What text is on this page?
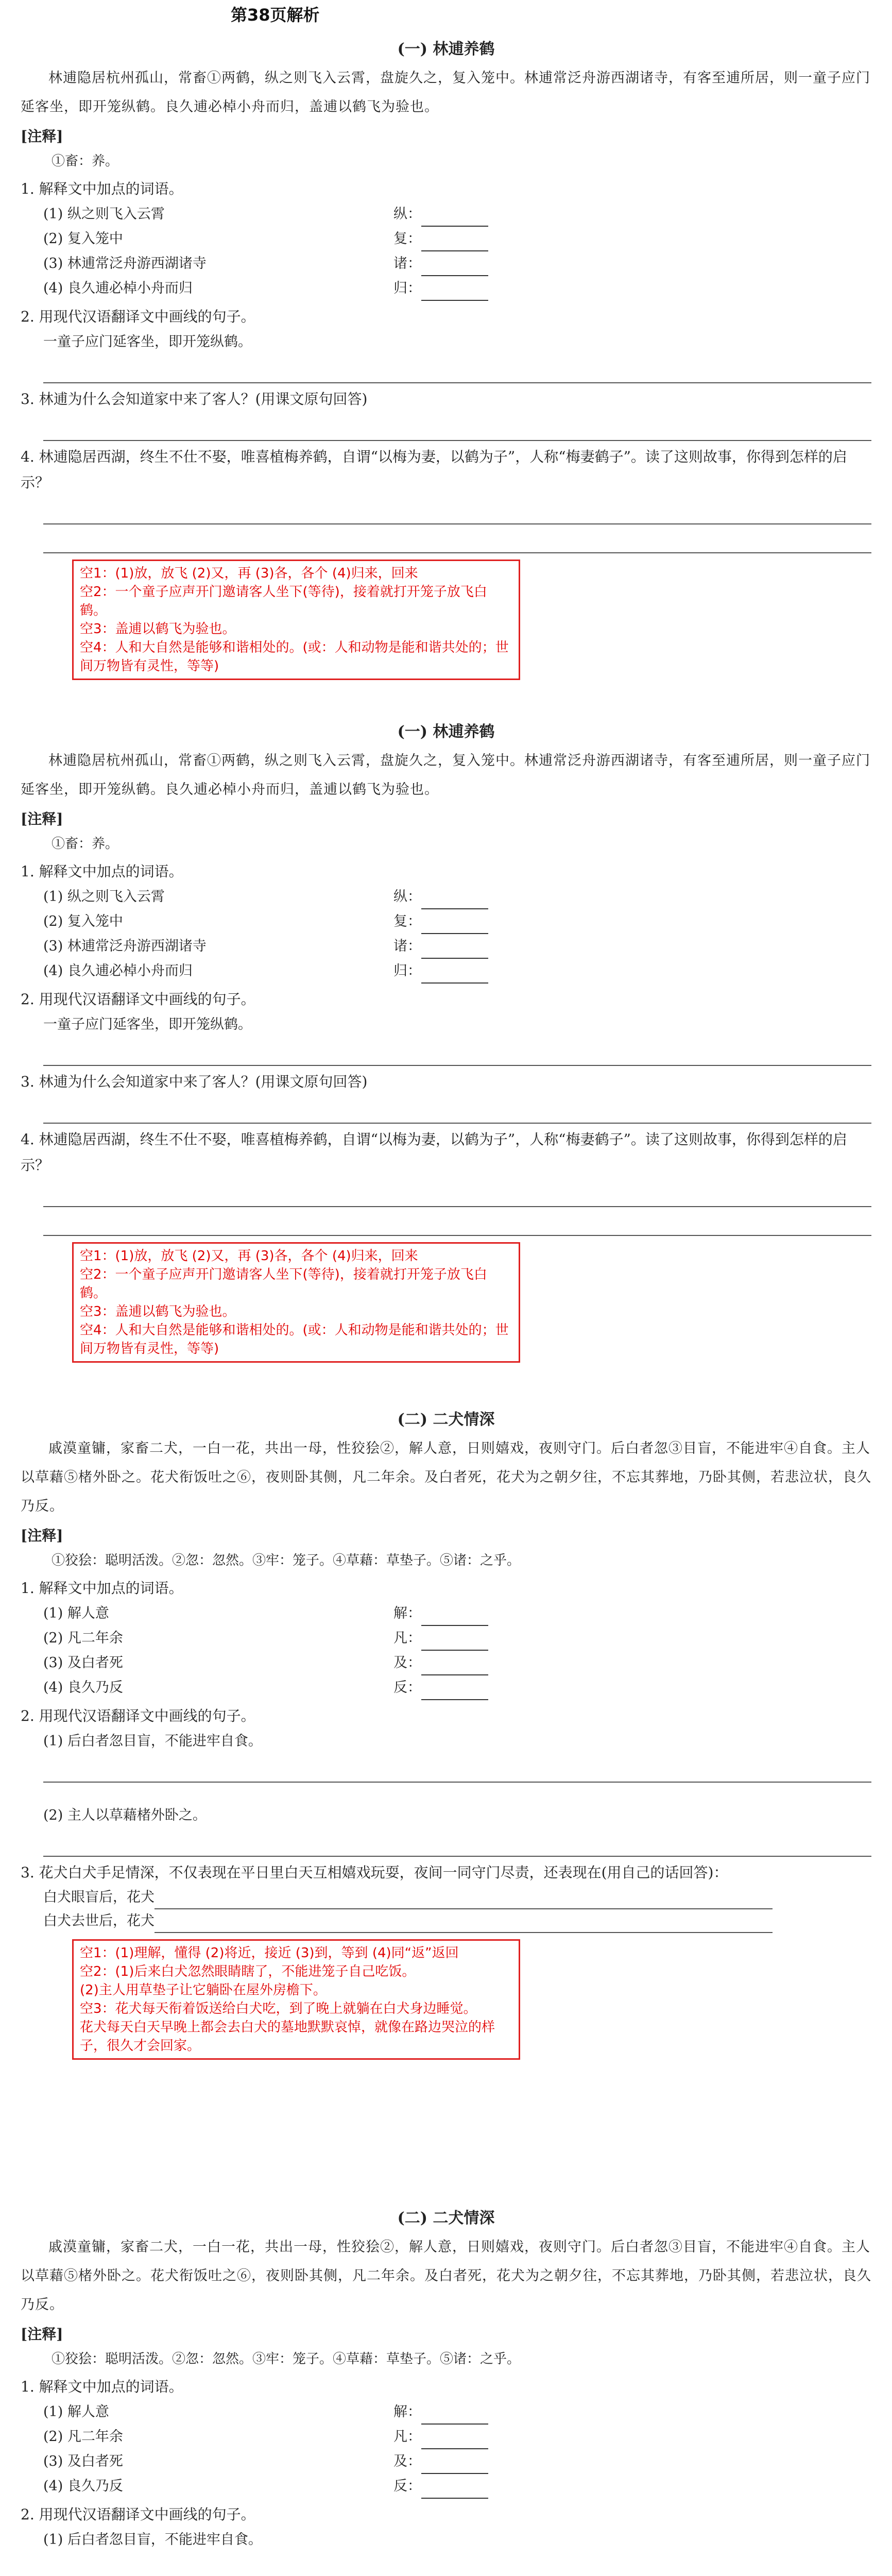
第38页解析
(一) 林逋养鹤

林逋隐居杭州孤山，常畜①两鹤，纵之则飞入云霄，盘旋久之，复入笼中。林逋常泛舟游西湖诸寺，有客至逋所居，则一童子应门延客坐，即开笼纵鹤。良久逋必棹小舟而归，盖逋以鹤飞为验也。

[注释]
①畜：养。
1. 解释文中加点的词语。
(1) 纵之则飞入云霄	纵：
(2) 复入笼中	复：
(3) 林逋常泛舟游西湖诸寺	诸：
(4) 良久逋必棹小舟而归	归：
2. 用现代汉语翻译文中画线的句子。
一童子应门延客坐，即开笼纵鹤。
3. 林逋为什么会知道家中来了客人？(用课文原句回答)
4. 林逋隐居西湖，终生不仕不娶，唯喜植梅养鹤，自谓“以梅为妻，以鹤为子”，人称“梅妻鹤子”。读了这则故事，你得到怎样的启示？
空1：(1)放，放飞 (2)又，再 (3)各，各个 (4)归来，回来
空2：一个童子应声开门邀请客人坐下(等待)，接着就打开笼子放飞白鹤。
空3：盖逋以鹤飞为验也。
空4：人和大自然是能够和谐相处的。(或：人和动物是能和谐共处的；世间万物皆有灵性，等等)
(一) 林逋养鹤

林逋隐居杭州孤山，常畜①两鹤，纵之则飞入云霄，盘旋久之，复入笼中。林逋常泛舟游西湖诸寺，有客至逋所居，则一童子应门延客坐，即开笼纵鹤。良久逋必棹小舟而归，盖逋以鹤飞为验也。

[注释]
①畜：养。
1. 解释文中加点的词语。
(1) 纵之则飞入云霄	纵：
(2) 复入笼中	复：
(3) 林逋常泛舟游西湖诸寺	诸：
(4) 良久逋必棹小舟而归	归：
2. 用现代汉语翻译文中画线的句子。
一童子应门延客坐，即开笼纵鹤。
3. 林逋为什么会知道家中来了客人？(用课文原句回答)
4. 林逋隐居西湖，终生不仕不娶，唯喜植梅养鹤，自谓“以梅为妻，以鹤为子”，人称“梅妻鹤子”。读了这则故事，你得到怎样的启示？
空1：(1)放，放飞 (2)又，再 (3)各，各个 (4)归来，回来
空2：一个童子应声开门邀请客人坐下(等待)，接着就打开笼子放飞白鹤。
空3：盖逋以鹤飞为验也。
空4：人和大自然是能够和谐相处的。(或：人和动物是能和谐共处的；世间万物皆有灵性，等等)
(二) 二犬情深

戚漠童镛，家畜二犬，一白一花，共出一母，性狡狯②，解人意，日则嬉戏，夜则守门。后白者忽③目盲，不能进牢④自食。主人以草藉⑤楮外卧之。花犬衔饭吐之⑥，夜则卧其侧，凡二年余。及白者死，花犬为之朝夕往，不忘其葬地，乃卧其侧，若悲泣状，良久乃反。

[注释]
①狡狯：聪明活泼。②忽：忽然。③牢：笼子。④草藉：草垫子。⑤诸：之乎。
1. 解释文中加点的词语。
(1) 解人意	解：
(2) 凡二年余	凡：
(3) 及白者死	及：
(4) 良久乃反	反：
2. 用现代汉语翻译文中画线的句子。
(1) 后白者忽目盲，不能进牢自食。
(2) 主人以草藉楮外卧之。
3. 花犬白犬手足情深，不仅表现在平日里白天互相嬉戏玩耍，夜间一同守门尽责，还表现在(用自己的话回答)：
白犬眼盲后，花犬
白犬去世后，花犬
空1：(1)理解，懂得 (2)将近，接近 (3)到，等到 (4)同“返”返回
空2：(1)后来白犬忽然眼睛瞎了，不能进笼子自己吃饭。
(2)主人用草垫子让它躺卧在屋外房檐下。
空3：花犬每天衔着饭送给白犬吃，到了晚上就躺在白犬身边睡觉。
花犬每天白天早晚上都会去白犬的墓地默默哀悼，就像在路边哭泣的样子，很久才会回家。
(二) 二犬情深

戚漠童镛，家畜二犬，一白一花，共出一母，性狡狯②，解人意，日则嬉戏，夜则守门。后白者忽③目盲，不能进牢④自食。主人以草藉⑤楮外卧之。花犬衔饭吐之⑥，夜则卧其侧，凡二年余。及白者死，花犬为之朝夕往，不忘其葬地，乃卧其侧，若悲泣状，良久乃反。

[注释]
①狡狯：聪明活泼。②忽：忽然。③牢：笼子。④草藉：草垫子。⑤诸：之乎。
1. 解释文中加点的词语。
(1) 解人意	解：
(2) 凡二年余	凡：
(3) 及白者死	及：
(4) 良久乃反	反：
2. 用现代汉语翻译文中画线的句子。
(1) 后白者忽目盲，不能进牢自食。
